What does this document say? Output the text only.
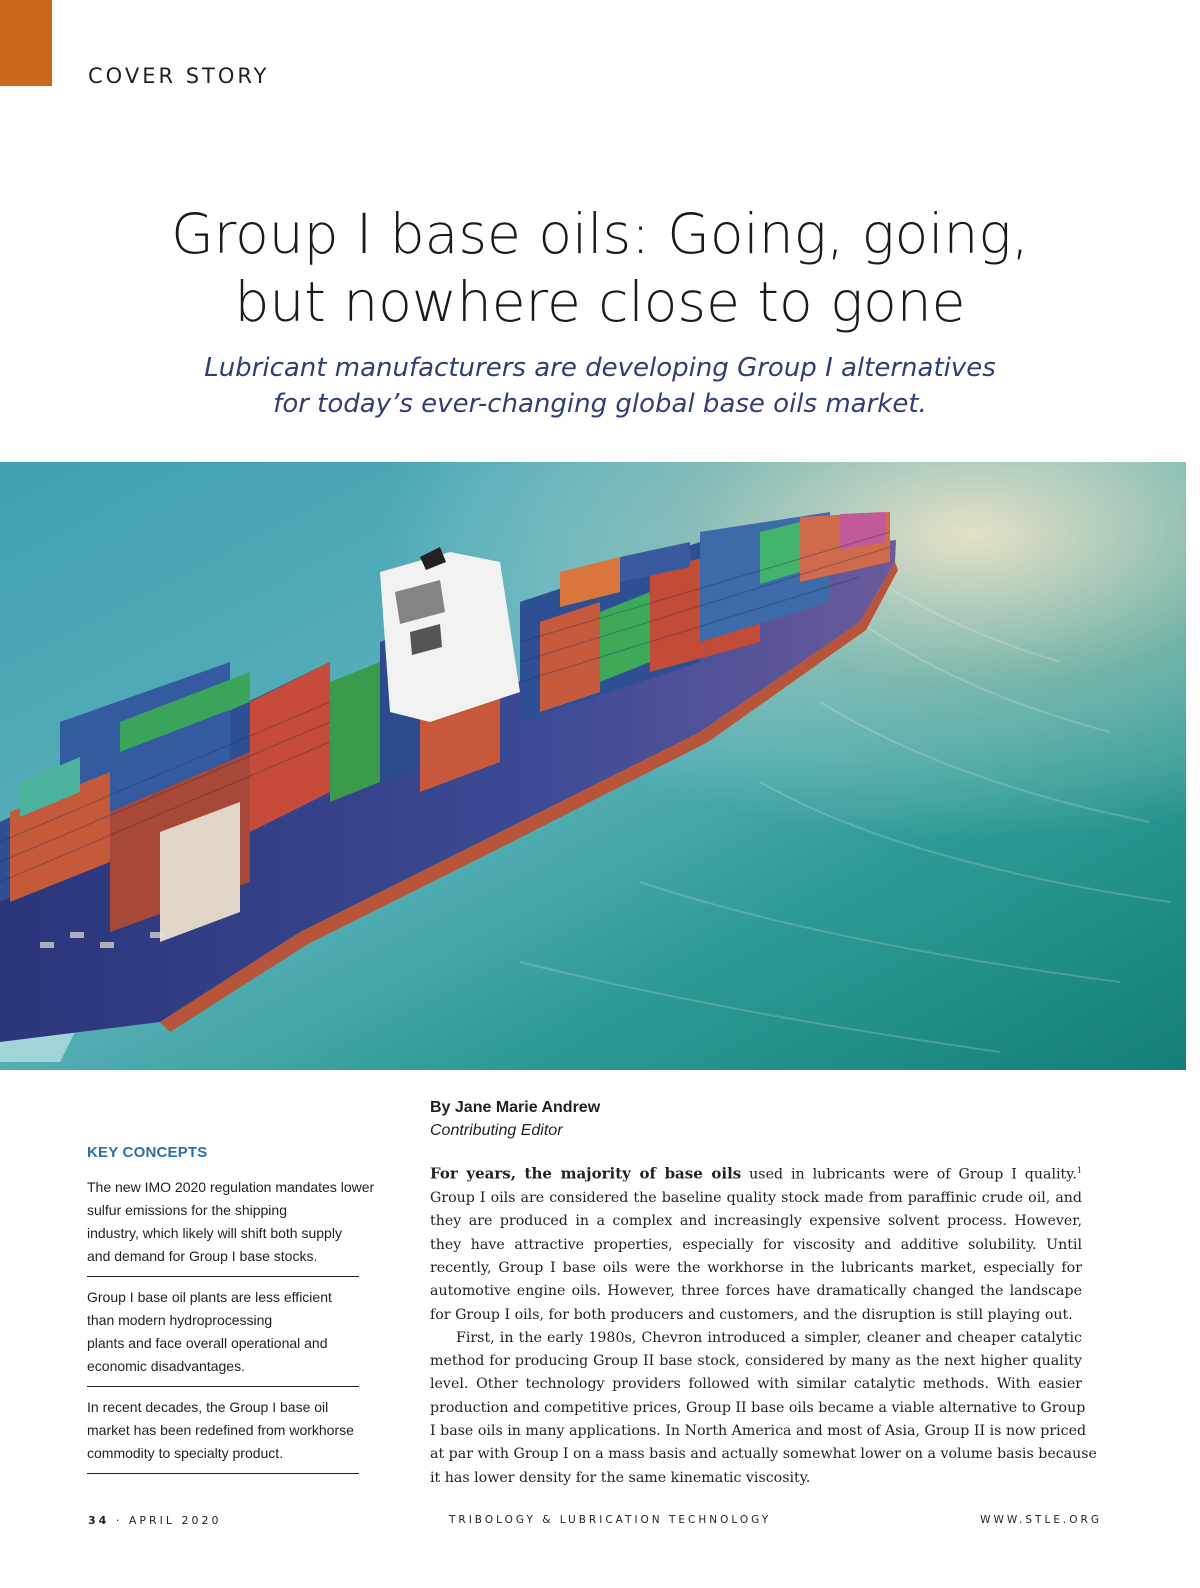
COVER STORY
Group I base oils: Going, going,
but nowhere close to gone
Lubricant manufacturers are developing Group I alternatives
for today’s ever-changing global base oils market.
By Jane Marie Andrew
Contributing Editor
KEY CONCEPTS
The new IMO 2020 regulation mandates lower
sulfur emissions for the shipping
industry, which likely will shift both supply
and demand for Group I base stocks.
Group I base oil plants are less efficient
than modern hydroprocessing
plants and face overall operational and
economic disadvantages.
In recent decades, the Group I base oil
market has been redefined from workhorse
commodity to specialty product.
For years, the majority of base oils used in lubricants were of Group I quality.$^1$
Group I oils are considered the baseline quality stock made from paraffinic crude oil, and
they are produced in a complex and increasingly expensive solvent process. However,
they have attractive properties, especially for viscosity and additive solubility. Until
recently, Group I base oils were the workhorse in the lubricants market, especially for
automotive engine oils. However, three forces have dramatically changed the landscape
for Group I oils, for both producers and customers, and the disruption is still playing out.
First, in the early 1980s, Chevron introduced a simpler, cleaner and cheaper catalytic
method for producing Group II base stock, considered by many as the next higher quality
level. Other technology providers followed with similar catalytic methods. With easier
production and competitive prices, Group II base oils became a viable alternative to Group
I base oils in many applications. In North America and most of Asia, Group II is now priced
at par with Group I on a mass basis and actually somewhat lower on a volume basis because
it has lower density for the same kinematic viscosity.
34 · APRIL 2020	TRIBOLOGY & LUBRICATION TECHNOLOGY	WWW.STLE.ORG
